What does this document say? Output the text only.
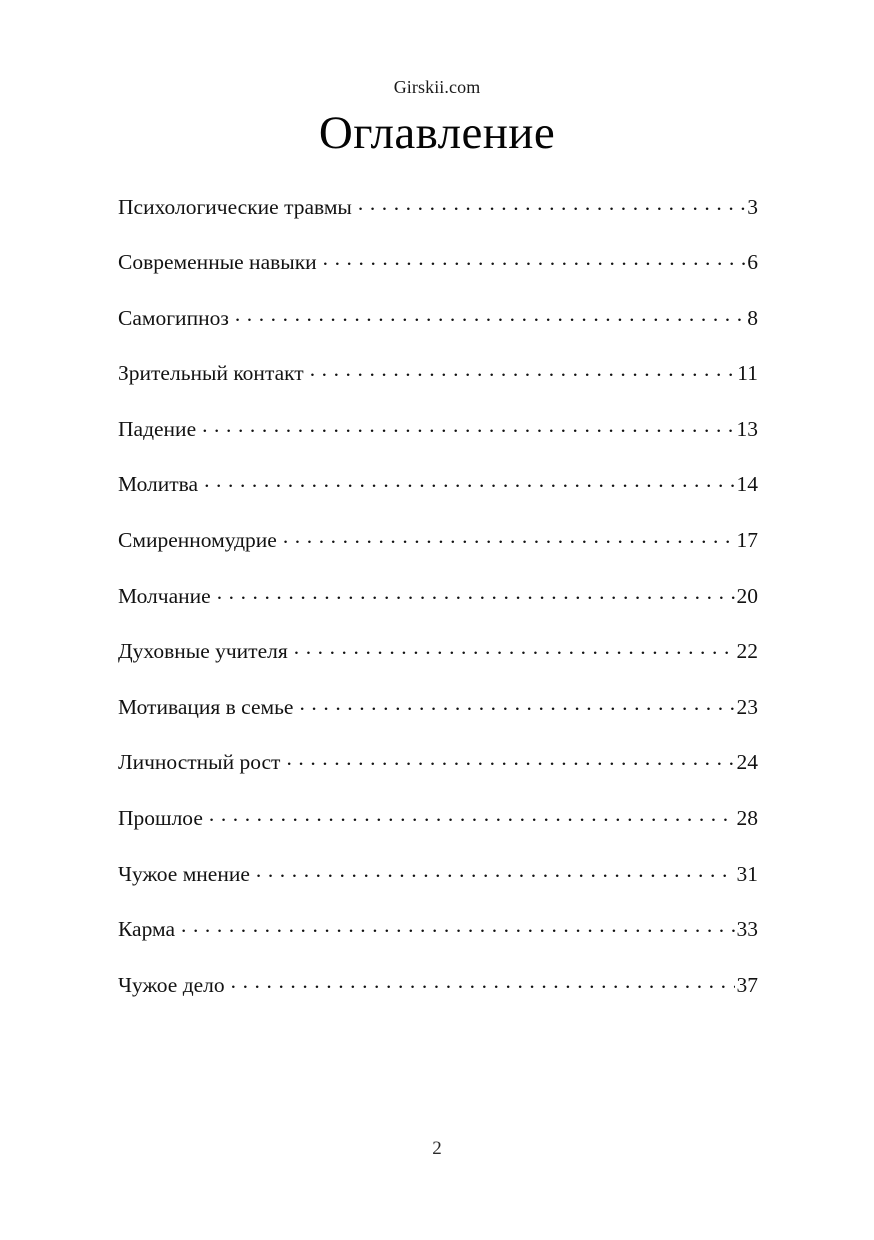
Girskii.com
Оглавление
Психологические травмы . . .	3
Современные навыки . . .	6
Самогипноз . . .	8
Зрительный контакт . . .	11
Падение . . .	13
Молитва . . .	14
Смиренномудрие . . .	17
Молчание . . .	20
Духовные учителя . . .	22
Мотивация в семье . . .	23
Личностный рост . . .	24
Прошлое . . .	28
Чужое мнение . . .	31
Карма . . .	33
Чужое дело . . .	37
2
